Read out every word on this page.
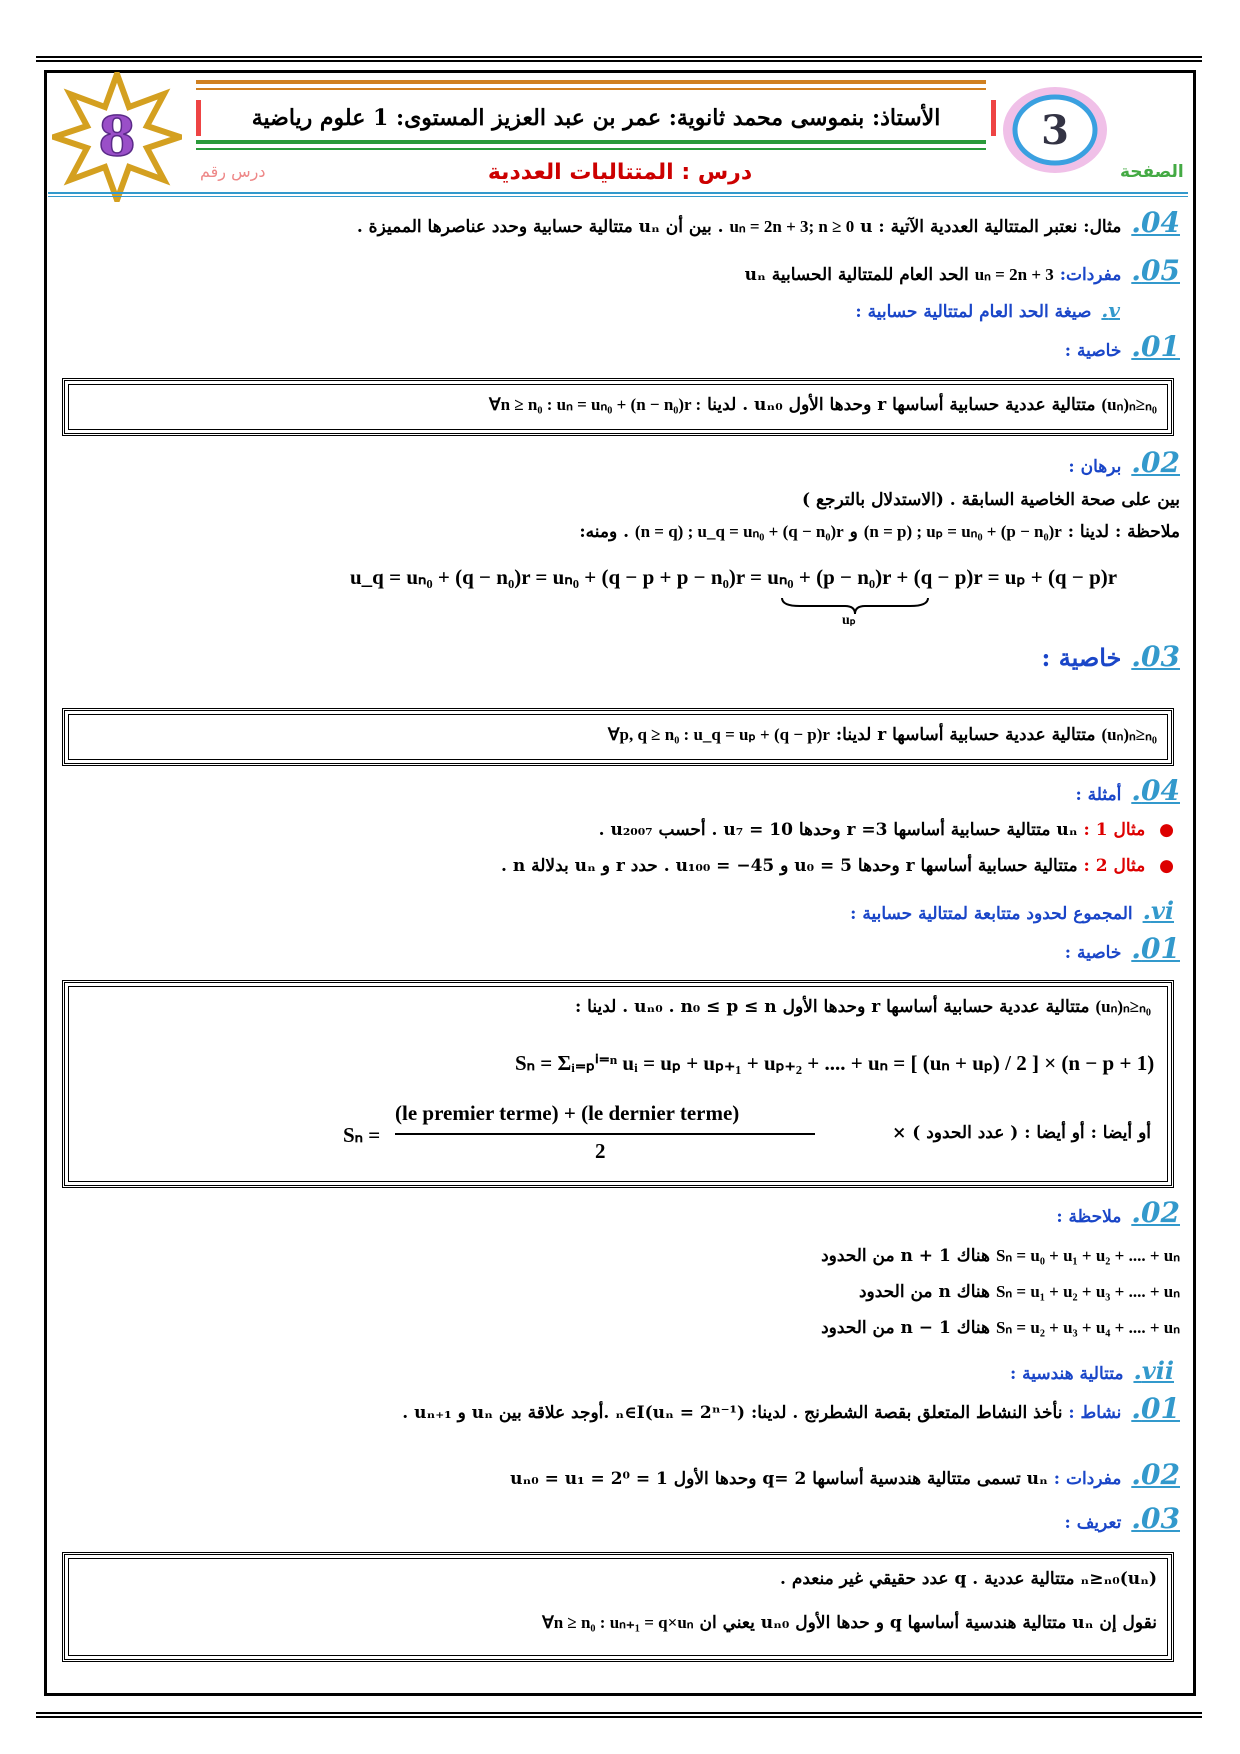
الأستاذ: بنموسى محمد ثانوية: عمر بن عبد العزيز المستوى: 1 علوم رياضية
8	3
درس : المتتاليات العددية
درس رقم	الصفحة
04. مثال: نعتبر المتتالية العددية الآتية : u uₙ = 2n + 3; n ≥ 0 . بين أن uₙ متتالية حسابية وحدد عناصرها المميزة .
05. مفردات: uₙ = 2n + 3 الحد العام للمتتالية الحسابية uₙ
v. صيغة الحد العام لمتتالية حسابية :
01. خاصية :
(uₙ)ₙ≥ₙ₀ متتالية عددية حسابية أساسها r وحدها الأول uₙ₀ . لدينا ∀n ≥ n₀ : uₙ = uₙ₀ + (n − n₀)r :
02. برهان :
بين على صحة الخاصية السابقة . (الاستدلال بالترجع )
ملاحظة : لدينا : (n = p) ; uₚ = uₙ₀ + (p − n₀)r و (n = q) ; u_q = uₙ₀ + (q − n₀)r . ومنه:
u_q = uₙ₀ + (q − n₀)r = uₙ₀ + (q − p + p − n₀)r = uₙ₀ + (p − n₀)r + (q − p)r = uₚ + (q − p)r
uₚ
03. خاصية :
(uₙ)ₙ≥ₙ₀ متتالية عددية حسابية أساسها r لدينا: ∀p, q ≥ n₀ : u_q = uₚ + (q − p)r
04. أمثلة :
● مثال 1 : uₙ متتالية حسابية أساسها r =3 وحدها u₇ = 10 . أحسب u₂₀₀₇ .
● مثال 2 : متتالية حسابية أساسها r وحدها u₀ = 5 و u₁₀₀ = −45 . حدد r و uₙ بدلالة n .
vi. المجموع لحدود متتابعة لمتتالية حسابية :
01. خاصية :
(uₙ)ₙ≥ₙ₀ متتالية عددية حسابية أساسها r وحدها الأول uₙ₀ . n₀ ≤ p ≤ n . لدينا :
Sₙ = Σᵢ₌ₚⁱ⁼ⁿ uᵢ = uₚ + uₚ₊₁ + uₚ₊₂ + .... + uₙ = [ (uₙ + uₚ) / 2 ] × (n − p + 1)
أو أيضا : أو أيضا : ( عدد الحدود ) ×
Sₙ =
(le premier terme) + (le dernier terme)
2
02. ملاحظة :
Sₙ = u₀ + u₁ + u₂ + .... + uₙ هناك n + 1 من الحدود
Sₙ = u₁ + u₂ + u₃ + .... + uₙ هناك n من الحدود
Sₙ = u₂ + u₃ + u₄ + .... + uₙ هناك n − 1 من الحدود
vii. متتالية هندسية :
01. نشاط : نأخذ النشاط المتعلق بقصة الشطرنج . لدينا: (uₙ = 2ⁿ⁻¹)ₙ∈I .أوجد علاقة بين uₙ و uₙ₊₁ .
02. مفردات : uₙ تسمى متتالية هندسية أساسها q= 2 وحدها الأول uₙ₀ = u₁ = 2⁰ = 1
03. تعريف :
(uₙ)ₙ≥ₙ₀ متتالية عددية . q عدد حقيقي غير منعدم .
نقول إن uₙ متتالية هندسية أساسها q و حدها الأول uₙ₀ يعني ان ∀n ≥ n₀ : uₙ₊₁ = q×uₙ
